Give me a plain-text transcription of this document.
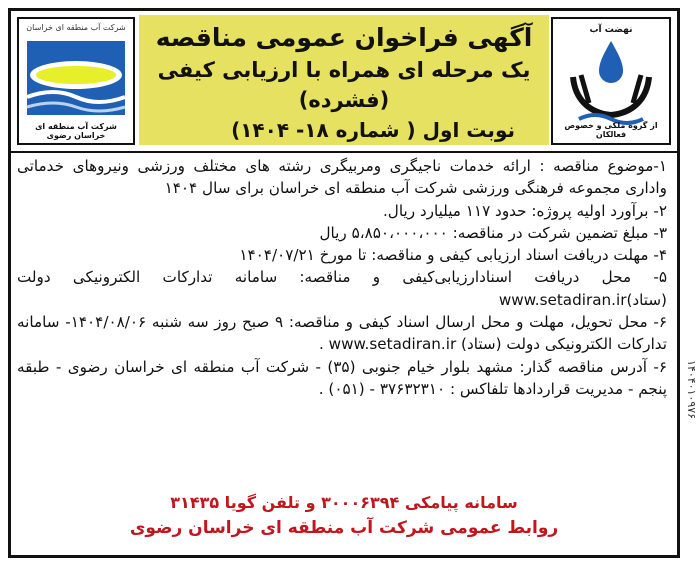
شرکت آب منطقه ای خراسان
شرکت آب منطقه ای خراسان رضوی
آگهی فراخوان عمومی مناقصه
یک مرحله ای همراه با ارزیابی کیفی (فشرده)
نوبت اول ( شماره ۱۸- ۱۴۰۴)
نهضت آب
از گروه ملکی و خصوص فعالکان

۱-موضوع مناقصه : ارائه خدمات ناجیگری ومربیگری رشته های مختلف ورزشی ونیروهای خدماتی واداری مجموعه فرهنگی ورزشی شرکت آب منطقه ای خراسان برای سال ۱۴۰۴

۲- برآورد اولیه پروژه: حدود ۱۱۷ میلیارد ریال.

۳- مبلغ تضمین شرکت در مناقصه: ۵،۸۵۰،۰۰۰،۰۰۰ ریال

۴- مهلت دریافت اسناد ارزیابی کیفی و مناقصه: تا مورخ ۱۴۰۴/۰۷/۲۱

۵- محل دریافت اسنادارزیابی‌کیفی و مناقصه: سامانه تدارکات الکترونیکی دولت (ستاد)www.setadiran.ir

۶- محل تحویل، مهلت و محل ارسال اسناد کیفی و مناقصه: ۹ صبح روز سه شنبه ۱۴۰۴/۰۸/۰۶- سامانه تدارکات الکترونیکی دولت (ستاد) www.setadiran.ir .

۶- آدرس مناقصه گذار: مشهد بلوار خیام جنوبی (۳۵) - شرکت آب منطقه ای خراسان رضوی - طبقه پنجم - مدیریت قراردادها تلفاکس : ۳۷۶۳۲۳۱۰ - (۰۵۱) .

سامانه پیامکی ۳۰۰۰۶۳۹۴ و تلفن گویا ۳۱۴۳۵
روابط عمومی شرکت آب منطقه ای خراسان رضوی
۱۴۰۴۰۱۰۹۷۶
